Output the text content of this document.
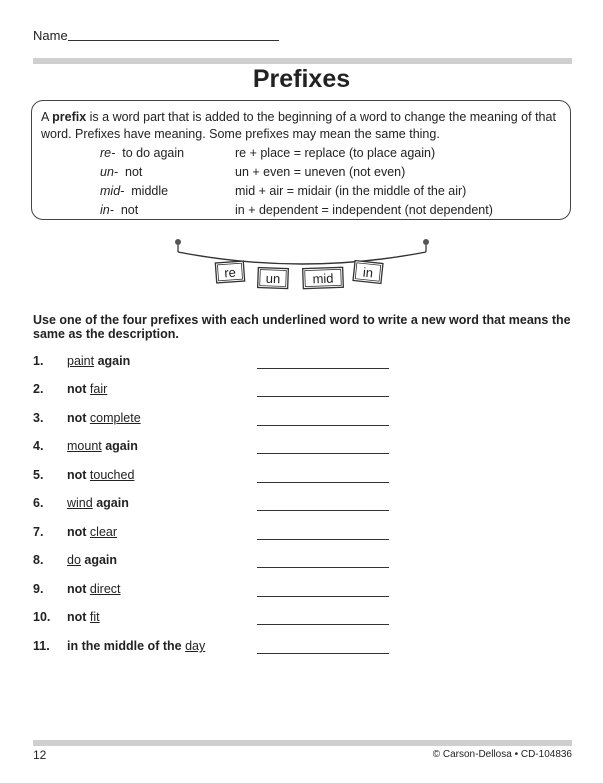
Name
Prefixes
A prefix is a word part that is added to the beginning of a word to change the meaning of that word. Prefixes have meaning. Some prefixes may mean the same thing.
re- to do again	re + place = replace (to place again)
un- not	un + even = uneven (not even)
mid- middle	mid + air = midair (in the middle of the air)
in- not	in + dependent = independent (not dependent)
re un mid in
Use one of the four prefixes with each underlined word to write a new word that means the same as the description.
1.	paint again
2.	not fair
3.	not complete
4.	mount again
5.	not touched
6.	wind again
7.	not clear
8.	do again
9.	not direct
10.	not fit
11.	in the middle of the day
12	© Carson-Dellosa • CD-104836
